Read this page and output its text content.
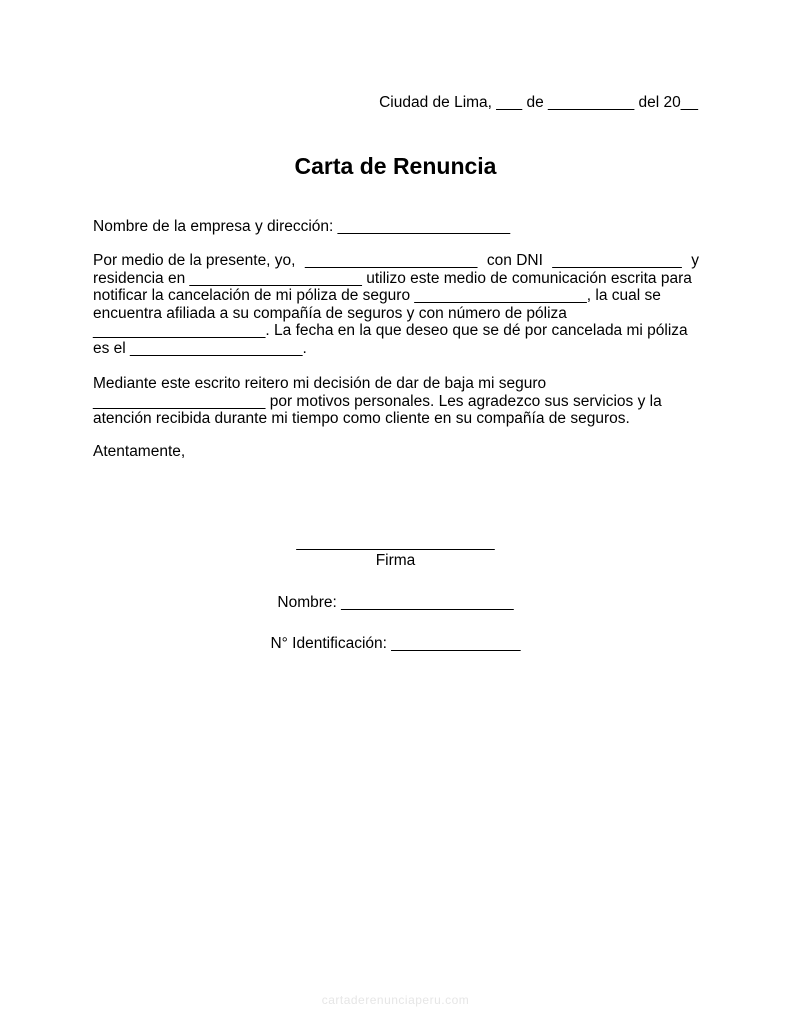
Ciudad de Lima, ___ de __________ del 20__
Carta de Renuncia

Nombre de la empresa y dirección: ____________________

Por medio de la presente, yo, ____________________ con DNI _______________ y
residencia en ____________________ utilizo este medio de comunicación escrita para
notificar la cancelación de mi póliza de seguro ____________________, la cual se
encuentra afiliada a su compañía de seguros y con número de póliza
____________________. La fecha en la que deseo que se dé por cancelada mi póliza
es el ____________________.
Mediante este escrito reitero mi decisión de dar de baja mi seguro
____________________ por motivos personales. Les agradezco sus servicios y la
atención recibida durante mi tiempo como cliente en su compañía de seguros.

Atentamente,

_______________________
Firma
Nombre: ____________________
N° Identificación: _______________
cartaderenunciaperu.com
